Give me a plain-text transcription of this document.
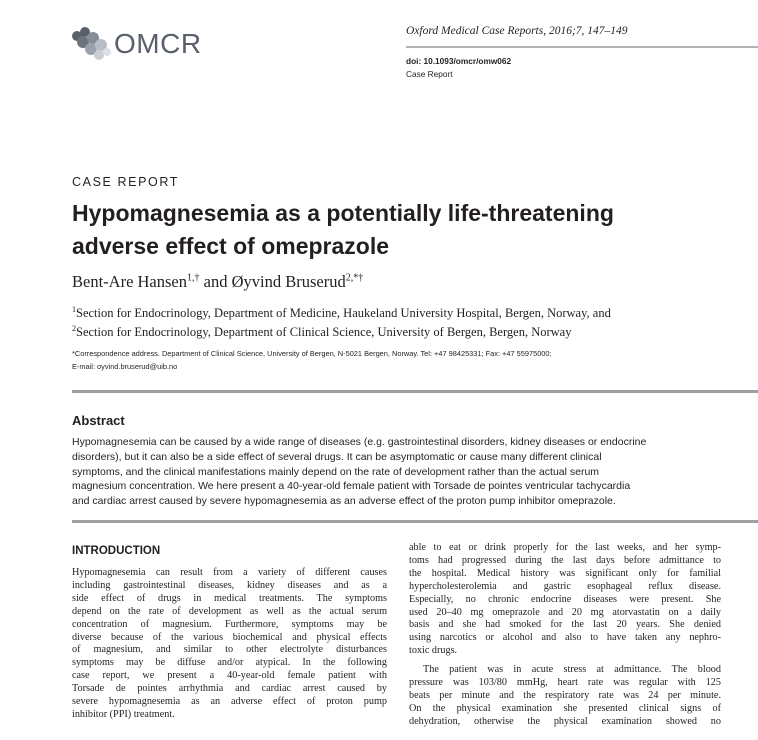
OMCR	Oxford Medical Case Reports, 2016;7, 147–149
doi: 10.1093/omcr/omw062
Case Report
CASE REPORT
Hypomagnesemia as a potentially life-threatening
adverse effect of omeprazole
Bent-Are Hansen$^{1,\dagger}$ and Øyvind Bruserud$^{2,*\dagger}$
$^1$Section for Endocrinology, Department of Medicine, Haukeland University Hospital, Bergen, Norway, and
$^2$Section for Endocrinology, Department of Clinical Science, University of Bergen, Bergen, Norway
*Correspondence address. Department of Clinical Science, University of Bergen, N-5021 Bergen, Norway. Tel: +47 98425331; Fax: +47 55975000;
E-mail: oyvind.bruserud@uib.no
Abstract
Hypomagnesemia can be caused by a wide range of diseases (e.g. gastrointestinal disorders, kidney diseases or endocrine
disorders), but it can also be a side effect of several drugs. It can be asymptomatic or cause many different clinical
symptoms, and the clinical manifestations mainly depend on the rate of development rather than the actual serum
magnesium concentration. We here present a 40-year-old female patient with Torsade de pointes ventricular tachycardia
and cardiac arrest caused by severe hypomagnesemia as an adverse effect of the proton pump inhibitor omeprazole.
INTRODUCTION
Hypomagnesemia can result from a variety of different causes
including gastrointestinal diseases, kidney diseases and as a
side effect of drugs in medical treatments. The symptoms
depend on the rate of development as well as the actual serum
concentration of magnesium. Furthermore, symptoms may be
diverse because of the various biochemical and physical effects
of magnesium, and similar to other electrolyte disturbances
symptoms may be diffuse and/or atypical. In the following
case report, we present a 40-year-old female patient with
Torsade de pointes arrhythmia and cardiac arrest caused by
severe hypomagnesemia as an adverse effect of proton pump
inhibitor (PPI) treatment.
able to eat or drink properly for the last weeks, and her symp-
toms had progressed during the last days before admittance to
the hospital. Medical history was significant only for familial
hypercholesterolemia and gastric esophageal reflux disease.
Especially, no chronic endocrine diseases were present. She
used 20–40 mg omeprazole and 20 mg atorvastatin on a daily
basis and she had smoked for the last 20 years. She denied
using narcotics or alcohol and also to have taken any nephro-
toxic drugs.
The patient was in acute stress at admittance. The blood
pressure was 103/80 mmHg, heart rate was regular with 125
beats per minute and the respiratory rate was 24 per minute.
On the physical examination she presented clinical signs of
dehydration, otherwise the physical examination showed no
